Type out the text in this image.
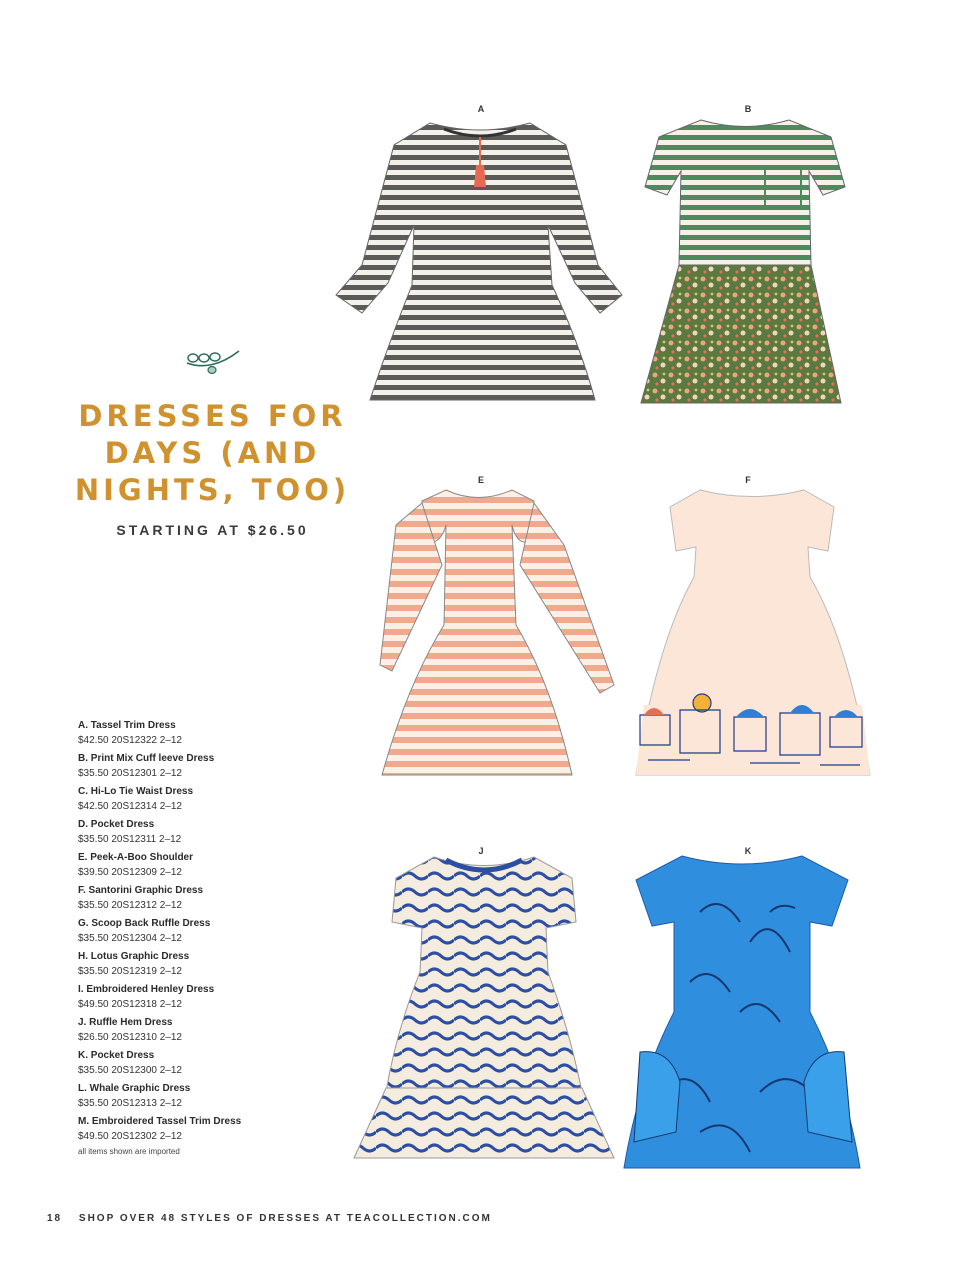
DRESSES FOR
DAYS (AND
NIGHTS, TOO)
STARTING AT $26.50
A	B
E	F
J	K
A. Tassel Trim Dress
$42.50 20S12322 2–12
B. Print Mix Cuff leeve Dress
$35.50 20S12301 2–12
C. Hi-Lo Tie Waist Dress
$42.50 20S12314 2–12
D. Pocket Dress
$35.50 20S12311 2–12
E. Peek-A-Boo Shoulder
$39.50 20S12309 2–12
F. Santorini Graphic Dress
$35.50 20S12312 2–12
G. Scoop Back Ruffle Dress
$35.50 20S12304 2–12
H. Lotus Graphic Dress
$35.50 20S12319 2–12
I. Embroidered Henley Dress
$49.50 20S12318 2–12
J. Ruffle Hem Dress
$26.50 20S12310 2–12
K. Pocket Dress
$35.50 20S12300 2–12
L. Whale Graphic Dress
$35.50 20S12313 2–12
M. Embroidered Tassel Trim Dress
$49.50 20S12302 2–12
all items shown are imported
18 SHOP OVER 48 STYLES OF DRESSES AT TEACOLLECTION.COM
